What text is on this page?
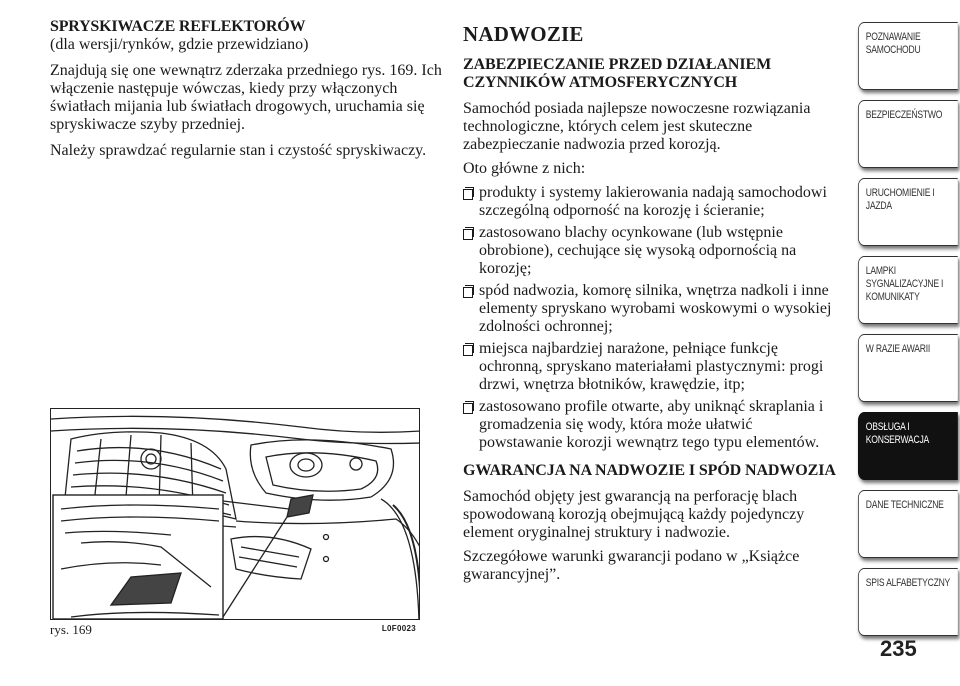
SPRYSKIWACZE REFLEKTORÓW
(dla wersji/rynków, gdzie przewidziano)

Znajdują się one wewnątrz zderzaka przedniego rys. 169. Ich włączenie następuje wówczas, kiedy przy włączonych światłach mijania lub światłach drogowych, uruchamia się spryskiwacze szyby przedniej.

Należy sprawdzać regularnie stan i czystość spryskiwaczy.

rys. 169	L0F0023
NADWOZIE
ZABEZPIECZANIE PRZED DZIAŁANIEM CZYNNIKÓW ATMOSFERYCZNYCH

Samochód posiada najlepsze nowoczesne rozwiązania technologiczne, których celem jest skuteczne zabezpieczanie nadwozia przed korozją.

Oto główne z nich:

produkty i systemy lakierowania nadają samochodowi szczególną odporność na korozję i ścieranie;
zastosowano blachy ocynkowane (lub wstępnie obrobione), cechujące się wysoką odpornością na korozję;
spód nadwozia, komorę silnika, wnętrza nadkoli i inne elementy spryskano wyrobami woskowymi o wysokiej zdolności ochronnej;
miejsca najbardziej narażone, pełniące funkcję ochronną, spryskano materiałami plastycznymi: progi drzwi, wnętrza błotników, krawędzie, itp;
zastosowano profile otwarte, aby uniknąć skraplania i gromadzenia się wody, która może ułatwić powstawanie korozji wewnątrz tego typu elementów.
GWARANCJA NA NADWOZIE I SPÓD NADWOZIA

Samochód objęty jest gwarancją na perforację blach spowodowaną korozją obejmującą każdy pojedynczy element oryginalnej struktury i nadwozie.

Szczegółowe warunki gwarancji podano w „Książce gwarancyjnej”.

POZNAWANIE SAMOCHODU
BEZPIECZEŃSTWO
URUCHOMIENIE I JAZDA
LAMPKI SYGNALIZACYJNE I KOMUNIKATY
W RAZIE AWARII
OBSŁUGA I KONSERWACJA
DANE TECHNICZNE
SPIS ALFABETYCZNY
235
